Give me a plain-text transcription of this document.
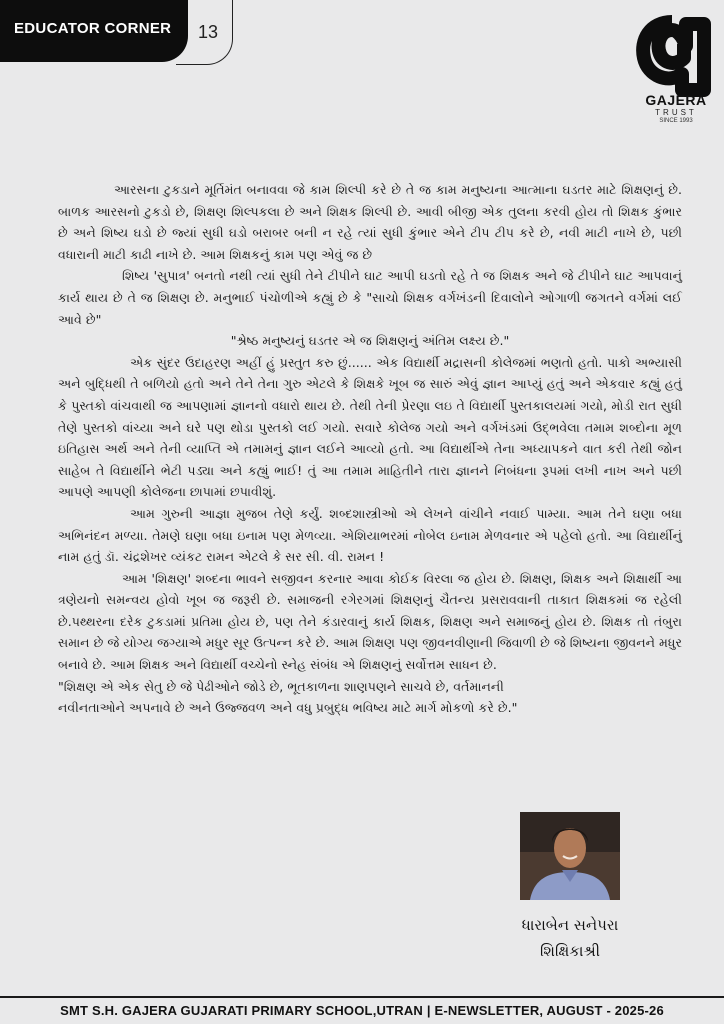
EDUCATOR CORNER 13
GAJERA
TRUST
SINCE 1993

આરસના ટુકડાને મૂર્તિમંત બનાવવા જે કામ શિલ્પી કરે છે તે જ કામ મનુષ્યના આત્માના ઘડતર માટે શિક્ષણનું છે. બાળક આરસનો ટુકડો છે, શિક્ષણ શિલ્પકલા છે અને શિક્ષક શિલ્પી છે. આવી બીજી એક તુલના કરવી હોય તો શિક્ષક કુંભાર છે અને શિષ્ય ઘડો છે જ્યાં સુધી ઘડો બરાબર બની ન રહે ત્યાં સુધી કુંભાર એને ટીપ ટીપ કરે છે, નવી માટી નાખે છે, પછી વધારાની માટી કાઢી નાખે છે. આમ શિક્ષકનું કામ પણ એવું જ છે

શિષ્ય 'સુપાત્ર' બનતો નથી ત્યાં સુધી તેને ટીપીને ઘાટ આપી ઘડતો રહે તે જ શિક્ષક અને જે ટીપીને ઘાટ આપવાનું કાર્ય થાય છે તે જ શિક્ષણ છે. મનુભાઈ પંચોળીએ કહ્યું છે કે "સાચો શિક્ષક વર્ગખંડની દિવાલોને ઓગાળી જગતને વર્ગમાં લઈ આવે છે"

"શ્રેષ્ઠ મનુષ્યનું ઘડતર એ જ શિક્ષણનું અંતિમ લક્ષ્ય છે."

એક સુંદર ઉદાહરણ અહીં હું પ્રસ્તુત કરુ છું...... એક વિદ્યાર્થી મદ્રાસની કોલેજમાં ભણતો હતો. પાકો અભ્યાસી અને બુદ્ધિથી તે બળિયો હતો અને તેને તેના ગુરુ એટલે કે શિક્ષકે ખૂબ જ સારું એવું જ્ઞાન આપ્યું હતું અને એકવાર કહ્યું હતું કે પુસ્તકો વાંચવાથી જ આપણામાં જ્ઞાનનો વધારો થાય છે. તેથી તેની પ્રેરણા લઇ તે વિદ્યાર્થી પુસ્તકાલયમાં ગયો, મોડી રાત સુધી તેણે પુસ્તકો વાંચ્યા અને ઘરે પણ થોડા પુસ્તકો લઈ ગયો. સવારે કોલેજ ગયો અને વર્ગખંડમાં ઉદ્ભવેલા તમામ શબ્દોના મૂળ ઇતિહાસ અર્થ અને તેની વ્યાપ્તિ એ તમામનું જ્ઞાન લઈને આવ્યો હતો. આ વિદ્યાર્થીએ તેના અધ્યાપકને વાત કરી તેથી જોન સાહેબ તે વિદ્યાર્થીને ભેટી પડ્યા અને કહ્યું ભાઈ! તું આ તમામ માહિતીને તારા જ્ઞાનને નિબંધના રૂપમાં લખી નાખ અને પછી આપણે આપણી કોલેજના છાપામાં છપાવીશું.

આમ ગુરુની આજ્ઞા મુજબ તેણે કર્યું. શબ્દશાસ્ત્રીઓ એ લેખને વાંચીને નવાઈ પામ્યા. આમ તેને ઘણા બધા અભિનંદન મળ્યા. તેમણે ઘણા બધા ઇનામ પણ મેળવ્યા. એશિયાભરમાં નોબેલ ઇનામ મેળવનાર એ પહેલો હતો. આ વિદ્યાર્થીનું નામ હતું ડૉ. ચંદ્રશેખર વ્યંકટ રામન એટલે કે સર સી. વી. રામન !

આમ 'શિક્ષણ' શબ્દના ભાવને સજીવન કરનાર આવા કોઈક વિરલા જ હોય છે. શિક્ષણ, શિક્ષક અને શિક્ષાર્થી આ ત્રણેયનો સમન્વય હોવો ખૂબ જ જરૂરી છે. સમાજની રગેરગમાં શિક્ષણનું ચૈતન્ય પ્રસરાવવાની તાકાત શિક્ષકમાં જ રહેલી છે.પથ્થરના દરેક ટુકડામાં પ્રતિમા હોય છે, પણ તેને કંડારવાનું કાર્ય શિક્ષક, શિક્ષણ અને સમાજનું હોય છે. શિક્ષક તો તંબુરા સમાન છે જે યોગ્ય જગ્યાએ મધુર સૂર ઉત્પન્ન કરે છે. આમ શિક્ષણ પણ જીવનવીણાની જિવાળી છે જે શિષ્યના જીવનને મધુર બનાવે છે. આમ શિક્ષક અને વિદ્યાર્થી વચ્ચેનો સ્નેહ સંબંધ એ શિક્ષણનું સર્વોત્તમ સાધન છે.

"શિક્ષણ એ એક સેતુ છે જે પેઢીઓને જોડે છે, ભૂતકાળના શાણપણને સાચવે છે, વર્તમાનની નવીનતાઓને અપનાવે છે અને ઉજ્જવળ અને વધુ પ્રબુદ્ધ ભવિષ્ય માટે માર્ગ મોકળો કરે છે."

ધારાબેન સનેપરા
શિક્ષિકાશ્રી
SMT S.H. GAJERA GUJARATI PRIMARY SCHOOL,UTRAN | E-NEWSLETTER, AUGUST - 2025-26
